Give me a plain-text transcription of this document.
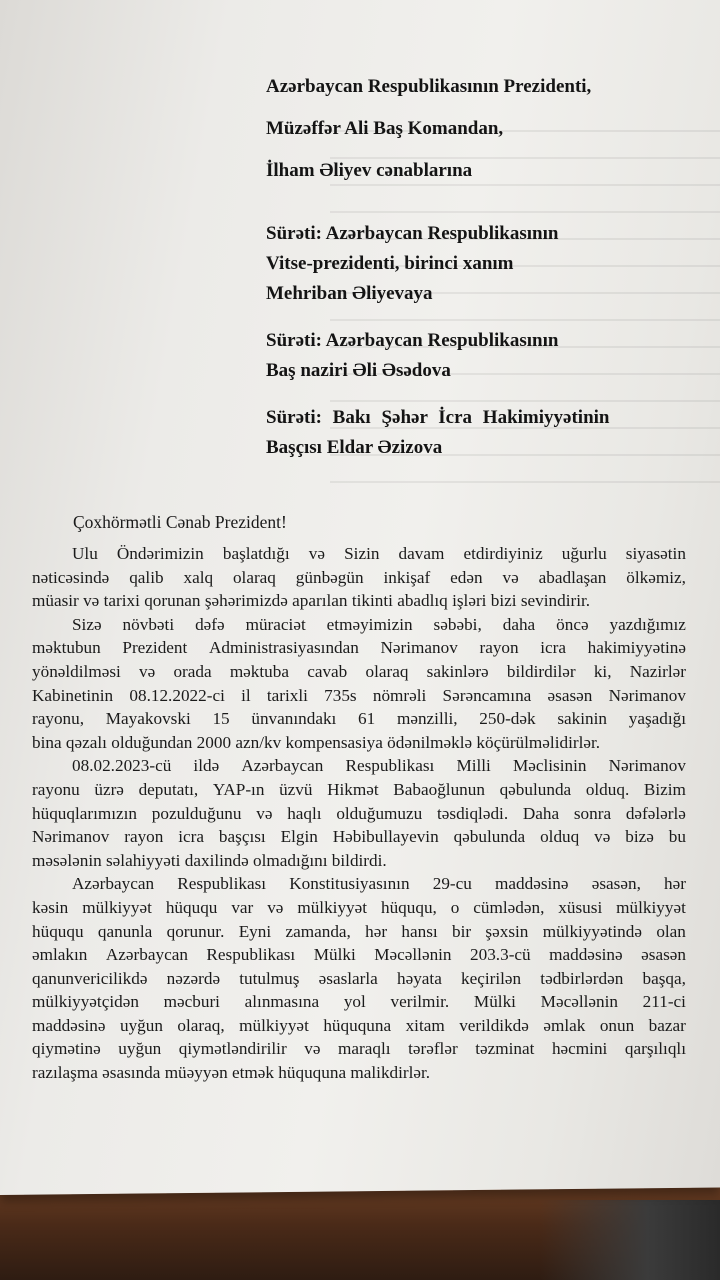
Azərbaycan Respublikasının Prezidenti,
Müzəffər Ali Baş Komandan,
İlham Əliyev cənablarına
Sürəti: Azərbaycan Respublikasının
Vitse-prezidenti, birinci xanım
Mehriban Əliyevaya
Sürəti: Azərbaycan Respublikasının
Baş naziri Əli Əsədova
Sürəti: Bakı Şəhər İcra Hakimiyyətinin
Başçısı Eldar Əzizova
Çoxhörmətli Cənab Prezident!
Ulu Öndərimizin başlatdığı və Sizin davam etdirdiyiniz uğurlu siyasətin
nəticəsində qalib xalq olaraq günbəgün inkişaf edən və abadlaşan ölkəmiz,
müasir
və
tarixi
qorunan
şəhərimizdə
aparılan
tikinti
abadlıq
işləri
bizi
sevindirir.
Sizə növbəti dəfə müraciət etməyimizin səbəbi, daha öncə yazdığımız
məktubun Prezident Administrasiyasından Nərimanov rayon icra hakimiyyətinə
yönəldilməsi və orada məktuba cavab olaraq sakinlərə bildirdilər ki, Nazirlər
Kabinetinin 08.12.2022-ci il tarixli 735s nömrəli Sərəncamına əsasən Nərimanov
rayonu, Mayakovski 15 ünvanındakı 61 mənzilli, 250-dək sakinin yaşadığı
bina
qəzalı
olduğundan
2000
azn/kv
kompensasiya
ödənilməklə
köçürülməlidirlər.
08.02.2023-cü ildə Azərbaycan Respublikası Milli Məclisinin Nərimanov
rayonu üzrə deputatı, YAP-ın üzvü Hikmət Babaoğlunun qəbulunda olduq. Bizim
hüquqlarımızın pozulduğunu və haqlı olduğumuzu təsdiqlədi. Daha sonra dəfələrlə
Nərimanov rayon icra başçısı Elgin Həbibullayevin qəbulunda olduq və bizə bu
məsələnin
səlahiyyəti
daxilində
olmadığını
bildirdi.
Azərbaycan Respublikası Konstitusiyasının 29-cu maddəsinə əsasən, hər
kəsin mülkiyyət hüququ var və mülkiyyət hüququ, o cümlədən, xüsusi mülkiyyət
hüququ qanunla qorunur. Eyni zamanda, hər hansı bir şəxsin mülkiyyətində olan
əmlakın Azərbaycan Respublikası Mülki Məcəllənin 203.3-cü maddəsinə əsasən
qanunvericilikdə nəzərdə tutulmuş əsaslarla həyata keçirilən tədbirlərdən başqa,
mülkiyyətçidən məcburi alınmasına yol verilmir. Mülki Məcəllənin 211-ci
maddəsinə uyğun olaraq, mülkiyyət hüququna xitam verildikdə əmlak onun bazar
qiymətinə uyğun qiymətləndirilir və maraqlı tərəflər təzminat həcmini qarşılıqlı
razılaşma
əsasında
müəyyən
etmək
hüququna
malikdirlər.
